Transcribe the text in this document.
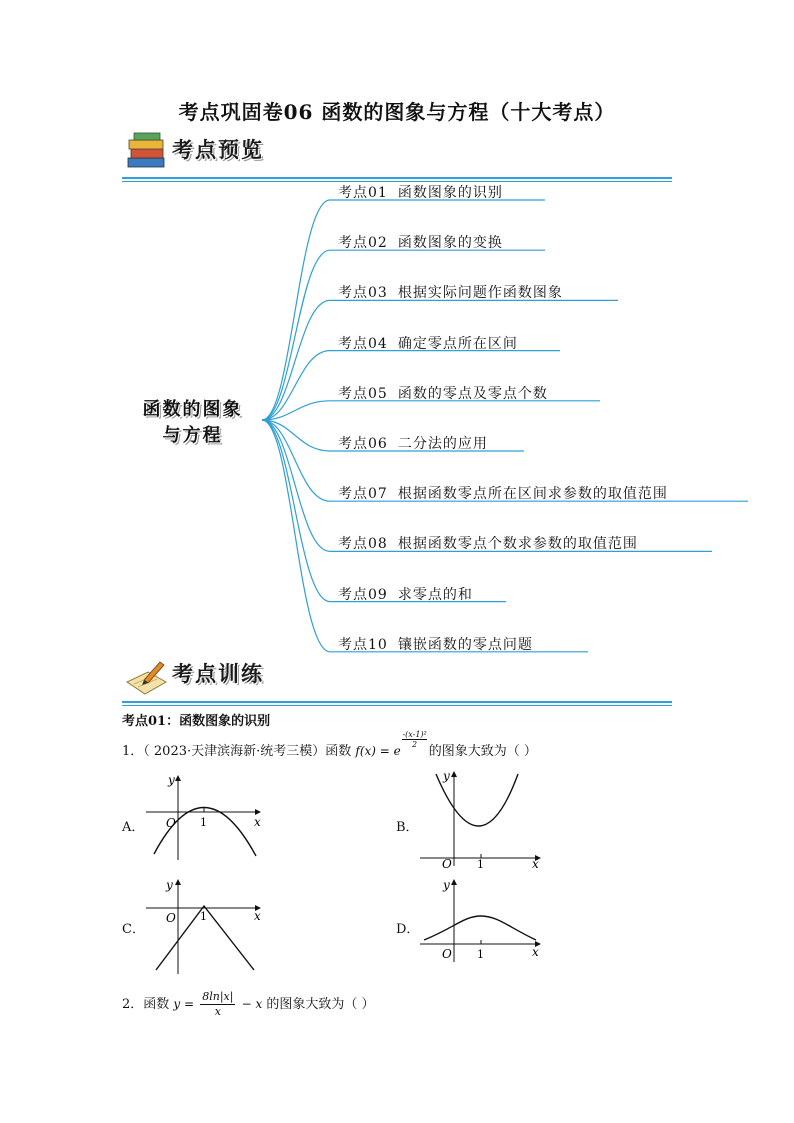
考点巩固卷06 函数的图象与方程（十大考点）
考点预览
函数的图象
与方程
考点01 函数图象的识别
考点02 函数图象的变换
考点03 根据实际问题作函数图象
考点04 确定零点所在区间
考点05 函数的零点及零点个数
考点06 二分法的应用
考点07 根据函数零点所在区间求参数的取值范围
考点08 根据函数零点个数求参数的取值范围
考点09 求零点的和
考点10 镶嵌函数的零点问题
考点训练
考点01：函数图象的识别
1．（ 2023·天津滨海新·统考三模）函数 f(x) = e
$\frac{\text{-(x-1)²}}{2}$
的图象大致为（ ）
A．	B．
C．	D．
O 1	x
y
O 1	x
y
O 1	x
y
O 1	x
y
2．函数 $y = \frac{8\ln|x|}{x} - x$ 的图象大致为（ ）
